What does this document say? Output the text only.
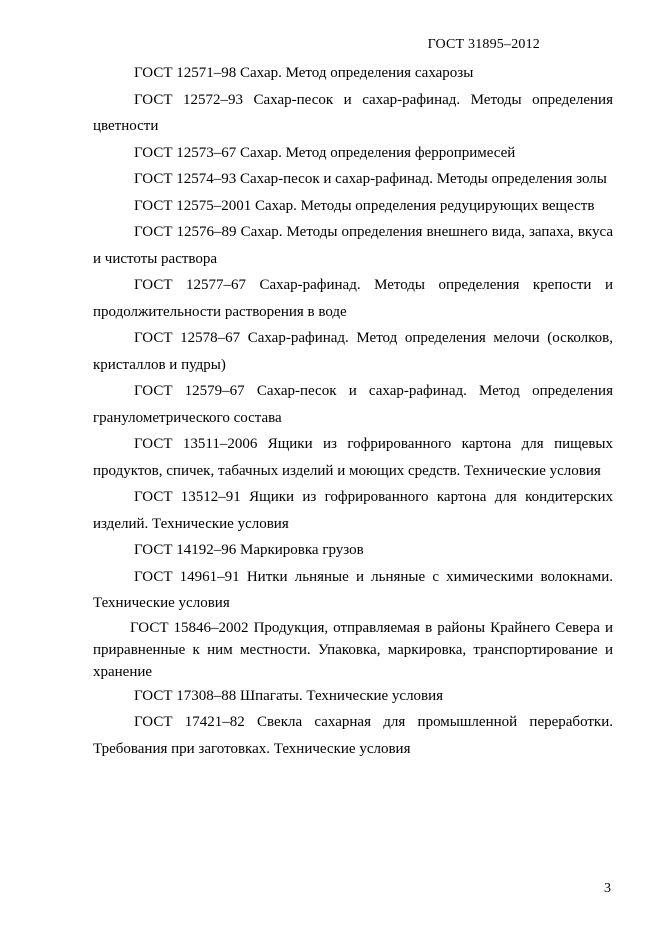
ГОСТ 31895–2012

ГОСТ 12571–98 Сахар. Метод определения сахарозы

ГОСТ 12572–93 Сахар-песок и сахар-рафинад. Методы определения цветности

ГОСТ 12573–67 Сахар. Метод определения ферропримесей

ГОСТ 12574–93 Сахар-песок и сахар-рафинад. Методы определения золы

ГОСТ 12575–2001 Сахар. Методы определения редуцирующих веществ

ГОСТ 12576–89 Сахар. Методы определения внешнего вида, запаха, вкуса и чистоты раствора

ГОСТ 12577–67 Сахар-рафинад. Методы определения крепости и продолжительности растворения в воде

ГОСТ 12578–67 Сахар-рафинад. Метод определения мелочи (осколков, кристаллов и пудры)

ГОСТ 12579–67 Сахар-песок и сахар-рафинад. Метод определения гранулометрического состава

ГОСТ 13511–2006 Ящики из гофрированного картона для пищевых продуктов, спичек, табачных изделий и моющих средств. Технические условия

ГОСТ 13512–91 Ящики из гофрированного картона для кондитерских изделий. Технические условия

ГОСТ 14192–96 Маркировка грузов

ГОСТ 14961–91 Нитки льняные и льняные с химическими волокнами. Технические условия

ГОСТ 15846–2002 Продукция, отправляемая в районы Крайнего Севера и приравненные к ним местности. Упаковка, маркировка, транспортирование и хранение

ГОСТ 17308–88 Шпагаты. Технические условия

ГОСТ 17421–82 Свекла сахарная для промышленной переработки. Требования при заготовках. Технические условия

3
